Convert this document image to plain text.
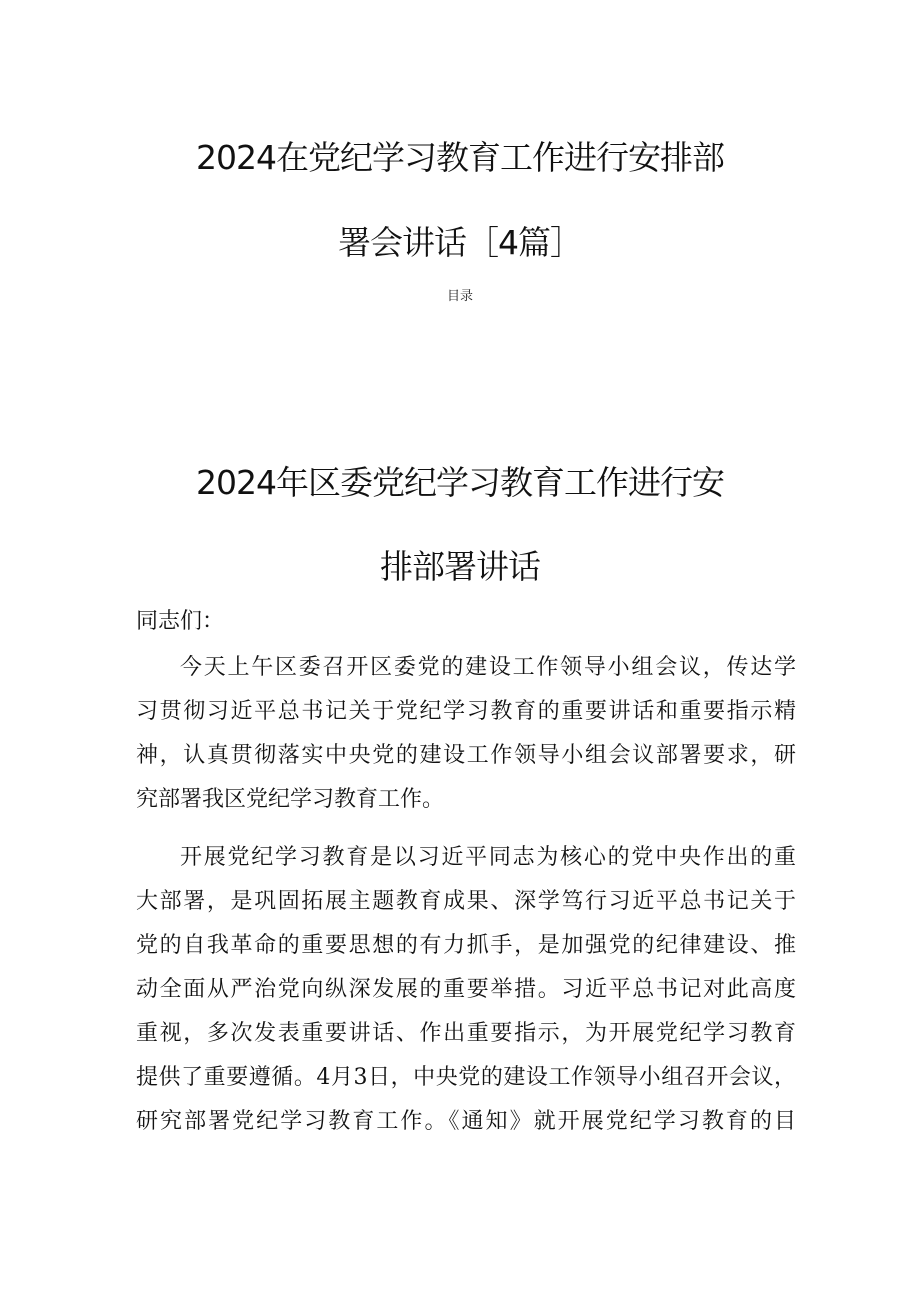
2024在党纪学习教育工作进行安排部
署会讲话［4篇］
目录
2024年区委党纪学习教育工作进行安
排部署讲话
同志们：
今天上午区委召开区委党的建设工作领导小组会议，传达学
习贯彻习近平总书记关于党纪学习教育的重要讲话和重要指示精
神，认真贯彻落实中央党的建设工作领导小组会议部署要求，研
究部署我区党纪学习教育工作。
开展党纪学习教育是以习近平同志为核心的党中央作出的重
大部署，是巩固拓展主题教育成果、深学笃行习近平总书记关于
党的自我革命的重要思想的有力抓手，是加强党的纪律建设、推
动全面从严治党向纵深发展的重要举措。习近平总书记对此高度
重视，多次发表重要讲话、作出重要指示，为开展党纪学习教育
提供了重要遵循。4月3日，中央党的建设工作领导小组召开会议，
研究部署党纪学习教育工作。《通知》就开展党纪学习教育的目
